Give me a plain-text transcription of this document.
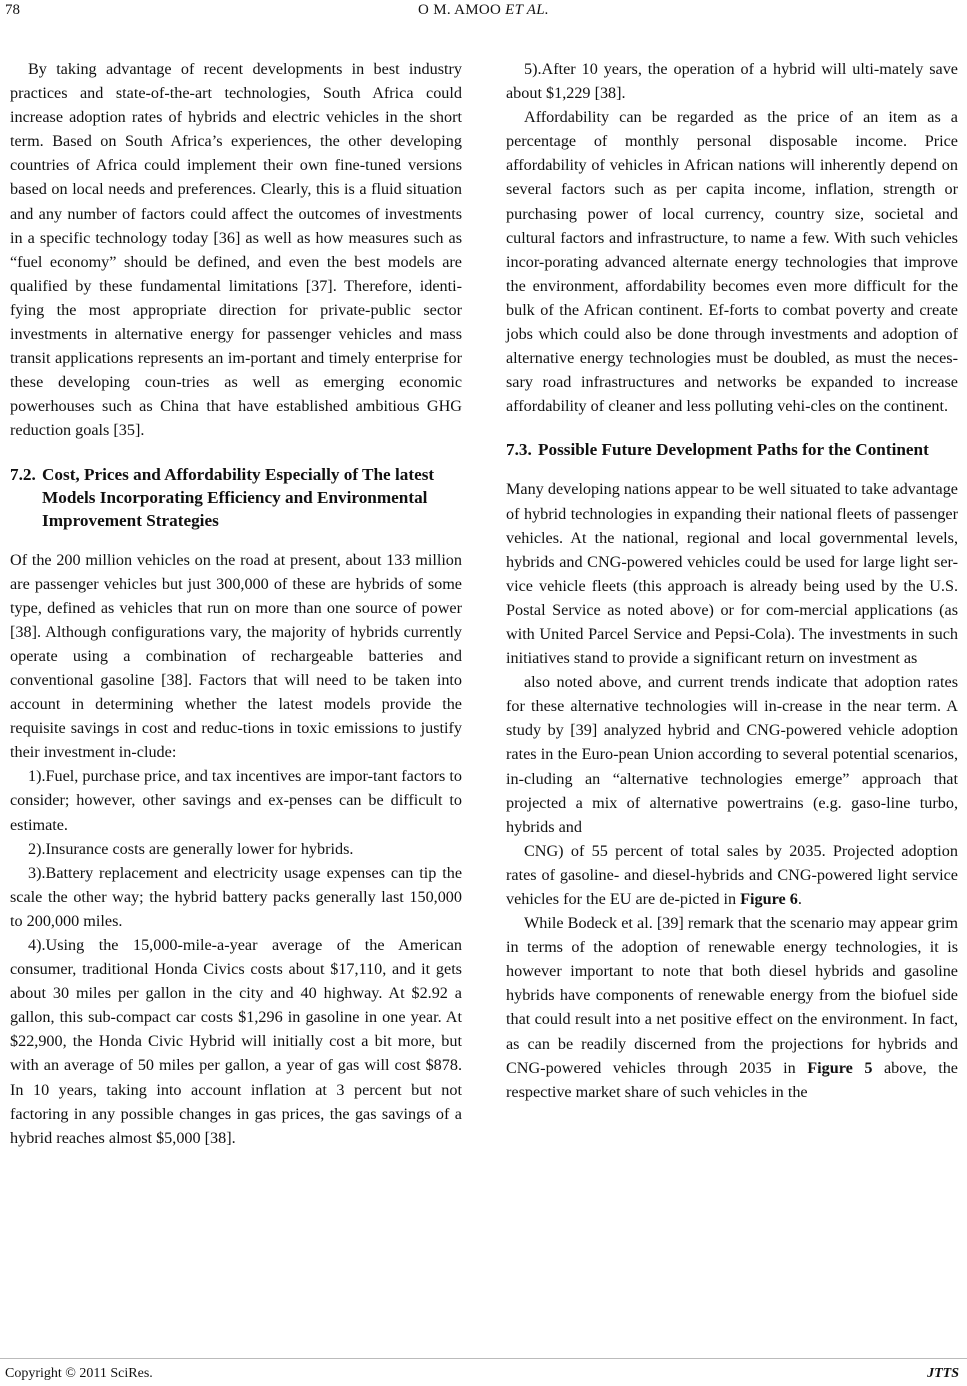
78	O M. AMOO ET AL.

By taking advantage of recent developments in best industry practices and state-of-the-art technologies, South Africa could increase adoption rates of hybrids and electric vehicles in the short term. Based on South Africa’s experiences, the other developing countries of Africa could implement their own fine-tuned versions based on local needs and preferences. Clearly, this is a fluid situation and any number of factors could affect the outcomes of investments in a specific technology today [36] as well as how measures such as “fuel economy” should be defined, and even the best models are qualified by these fundamental limitations [37]. Therefore, identi-fying the most appropriate direction for private-public sector investments in alternative energy for passenger vehicles and mass transit applications represents an im-portant and timely enterprise for these developing coun-tries as well as emerging economic powerhouses such as China that have established ambitious GHG reduction goals [35].

7.2. Cost, Prices and Affordability Especially of The latest Models Incorporating Efficiency and Environmental Improvement Strategies

Of the 200 million vehicles on the road at present, about 133 million are passenger vehicles but just 300,000 of these are hybrids of some type, defined as vehicles that run on more than one source of power [38]. Although configurations vary, the majority of hybrids currently operate using a combination of rechargeable batteries and conventional gasoline [38]. Factors that will need to be taken into account in determining whether the latest models provide the requisite savings in cost and reduc-tions in toxic emissions to justify their investment in-clude:

1).Fuel, purchase price, and tax incentives are impor-tant factors to consider; however, other savings and ex-penses can be difficult to estimate.

2).Insurance costs are generally lower for hybrids.

3).Battery replacement and electricity usage expenses can tip the scale the other way; the hybrid battery packs generally last 150,000 to 200,000 miles.

4).Using the 15,000-mile-a-year average of the American consumer, traditional Honda Civics costs about $17,110, and it gets about 30 miles per gallon in the city and 40 highway. At $2.92 a gallon, this sub-compact car costs $1,296 in gasoline in one year. At $22,900, the Honda Civic Hybrid will initially cost a bit more, but with an average of 50 miles per gallon, a year of gas will cost $878. In 10 years, taking into account inflation at 3 percent but not factoring in any possible changes in gas prices, the gas savings of a hybrid reaches almost $5,000 [38].

5).After 10 years, the operation of a hybrid will ulti-mately save about $1,229 [38].

Affordability can be regarded as the price of an item as a percentage of monthly personal disposable income. Price affordability of vehicles in African nations will inherently depend on several factors such as per capita income, inflation, strength or purchasing power of local currency, country size, societal and cultural factors and infrastructure, to name a few. With such vehicles incor-porating advanced alternate energy technologies that improve the environment, affordability becomes even more difficult for the bulk of the African continent. Ef-forts to combat poverty and create jobs which could also be done through investments and adoption of alternative energy technologies must be doubled, as must the neces-sary road infrastructures and networks be expanded to increase affordability of cleaner and less polluting vehi-cles on the continent.

7.3. Possible Future Development Paths for the Continent

Many developing nations appear to be well situated to take advantage of hybrid technologies in expanding their national fleets of passenger vehicles. At the national, regional and local governmental levels, hybrids and CNG-powered vehicles could be used for large light ser-vice vehicle fleets (this approach is already being used by the U.S. Postal Service as noted above) or for com-mercial applications (as with United Parcel Service and Pepsi-Cola). The investments in such initiatives stand to provide a significant return on investment as

also noted above, and current trends indicate that adoption rates for these alternative technologies will in-crease in the near term. A study by [39] analyzed hybrid and CNG-powered vehicle adoption rates in the Euro-pean Union according to several potential scenarios, in-cluding an “alternative technologies emerge” approach that projected a mix of alternative powertrains (e.g. gaso-line turbo, hybrids and

CNG) of 55 percent of total sales by 2035. Projected adoption rates of gasoline- and diesel-hybrids and CNG-powered light service vehicles for the EU are de-picted in Figure 6.

While Bodeck et al. [39] remark that the scenario may appear grim in terms of the adoption of renewable energy technologies, it is however important to note that both diesel hybrids and gasoline hybrids have components of renewable energy from the biofuel side that could result into a net positive effect on the environment. In fact, as can be readily discerned from the projections for hybrids and CNG-powered vehicles through 2035 in Figure 5 above, the respective market share of such vehicles in the

Copyright © 2011 SciRes.	JTTS
